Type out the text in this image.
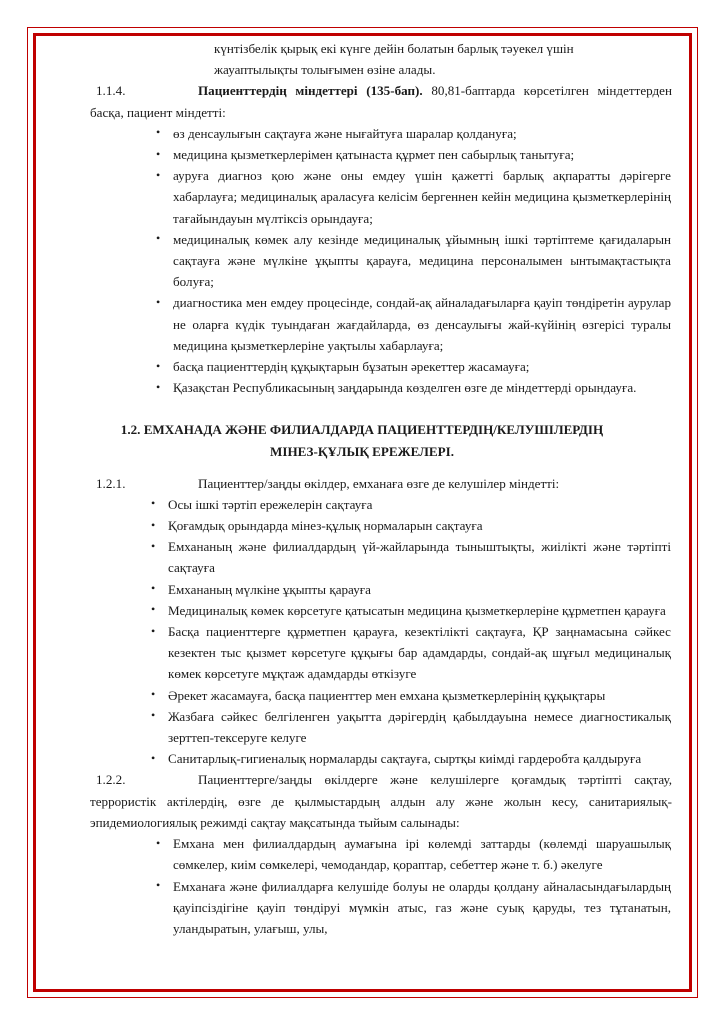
күнтізбелік қырық екі күнге дейін болатын барлық тәуекел үшін
жауаптылықты толығымен өзіне алады.
1.1.4.	Пациенттердің міндеттері (135-бап). 80,81-баптарда көрсетілген міндеттерден басқа, пациент міндетті:
• өз денсаулығын сақтауға және нығайтуға шаралар қолдануға;
• медицина қызметкерлерімен қатынаста құрмет пен сабырлық танытуға;
• ауруға диагноз қою және оны емдеу үшін қажетті барлық ақпаратты дәрігерге хабарлауға; медициналық араласуға келісім бергеннен кейін медицина қызметкерлерінің тағайындауын мүлтіксіз орындауға;
• медициналық көмек алу кезінде медициналық ұйымның ішкі тәртіптеме қағидаларын сақтауға және мүлкіне ұқыпты қарауға, медицина персоналымен ынтымақтастықта болуға;
• диагностика мен емдеу процесінде, сондай-ақ айналадағыларға қауіп төндіретін аурулар не оларға күдік туындаған жағдайларда, өз денсаулығы жай-күйінің өзгерісі туралы медицина қызметкерлеріне уақтылы хабарлауға;
• басқа пациенттердің құқықтарын бұзатын әрекеттер жасамауға;
• Қазақстан Республикасының заңдарында көзделген өзге де міндеттерді орындауға.
1.2. ЕМХАНАДА ЖӘНЕ ФИЛИАЛДАРДА ПАЦИЕНТТЕРДІҢ/КЕЛУШІЛЕРДІҢ
МІНЕЗ-ҚҰЛЫҚ ЕРЕЖЕЛЕРІ.
1.2.1.	Пациенттер/заңды өкілдер, емханаға өзге де келушілер міндетті:
• Осы ішкі тәртіп ережелерін сақтауға
• Қоғамдық орындарда мінез-құлық нормаларын сақтауға
• Емхананың және филиалдардың үй-жайларында тыныштықты, жиілікті және тәртіпті сақтауға
• Емхананың мүлкіне ұқыпты қарауға
• Медициналық көмек көрсетуге қатысатын медицина қызметкерлеріне құрметпен қарауға
• Басқа пациенттерге құрметпен қарауға, кезектілікті сақтауға, ҚР заңнамасына сәйкес кезектен тыс қызмет көрсетуге құқығы бар адамдарды, сондай-ақ шұғыл медициналық көмек көрсетуге мұқтаж адамдарды өткізуге
• Әрекет жасамауға, басқа пациенттер мен емхана қызметкерлерінің құқықтары
• Жазбаға сәйкес белгіленген уақытта дәрігердің қабылдауына немесе диагностикалық зерттеп-тексеруге келуге
• Санитарлық-гигиеналық нормаларды сақтауға, сыртқы киімді гардеробта қалдыруға
1.2.2.	Пациенттерге/заңды өкілдерге және келушілерге қоғамдық тәртіпті сақтау, террористік актілердің, өзге де қылмыстардың алдын алу және жолын кесу, санитариялық-эпидемиологиялық режимді сақтау мақсатында тыйым салынады:
• Емхана мен филиалдардың аумағына ірі көлемді заттарды (көлемді шаруашылық сөмкелер, киім сөмкелері, чемодандар, қораптар, себеттер және т. б.) әкелуге
• Емханаға және филиалдарға келушіде болуы не оларды қолдану айналасындағылардың қауіпсіздігіне қауіп төндіруі мүмкін атыс, газ және суық қаруды, тез тұтанатын, уландыратын, улағыш, улы,
